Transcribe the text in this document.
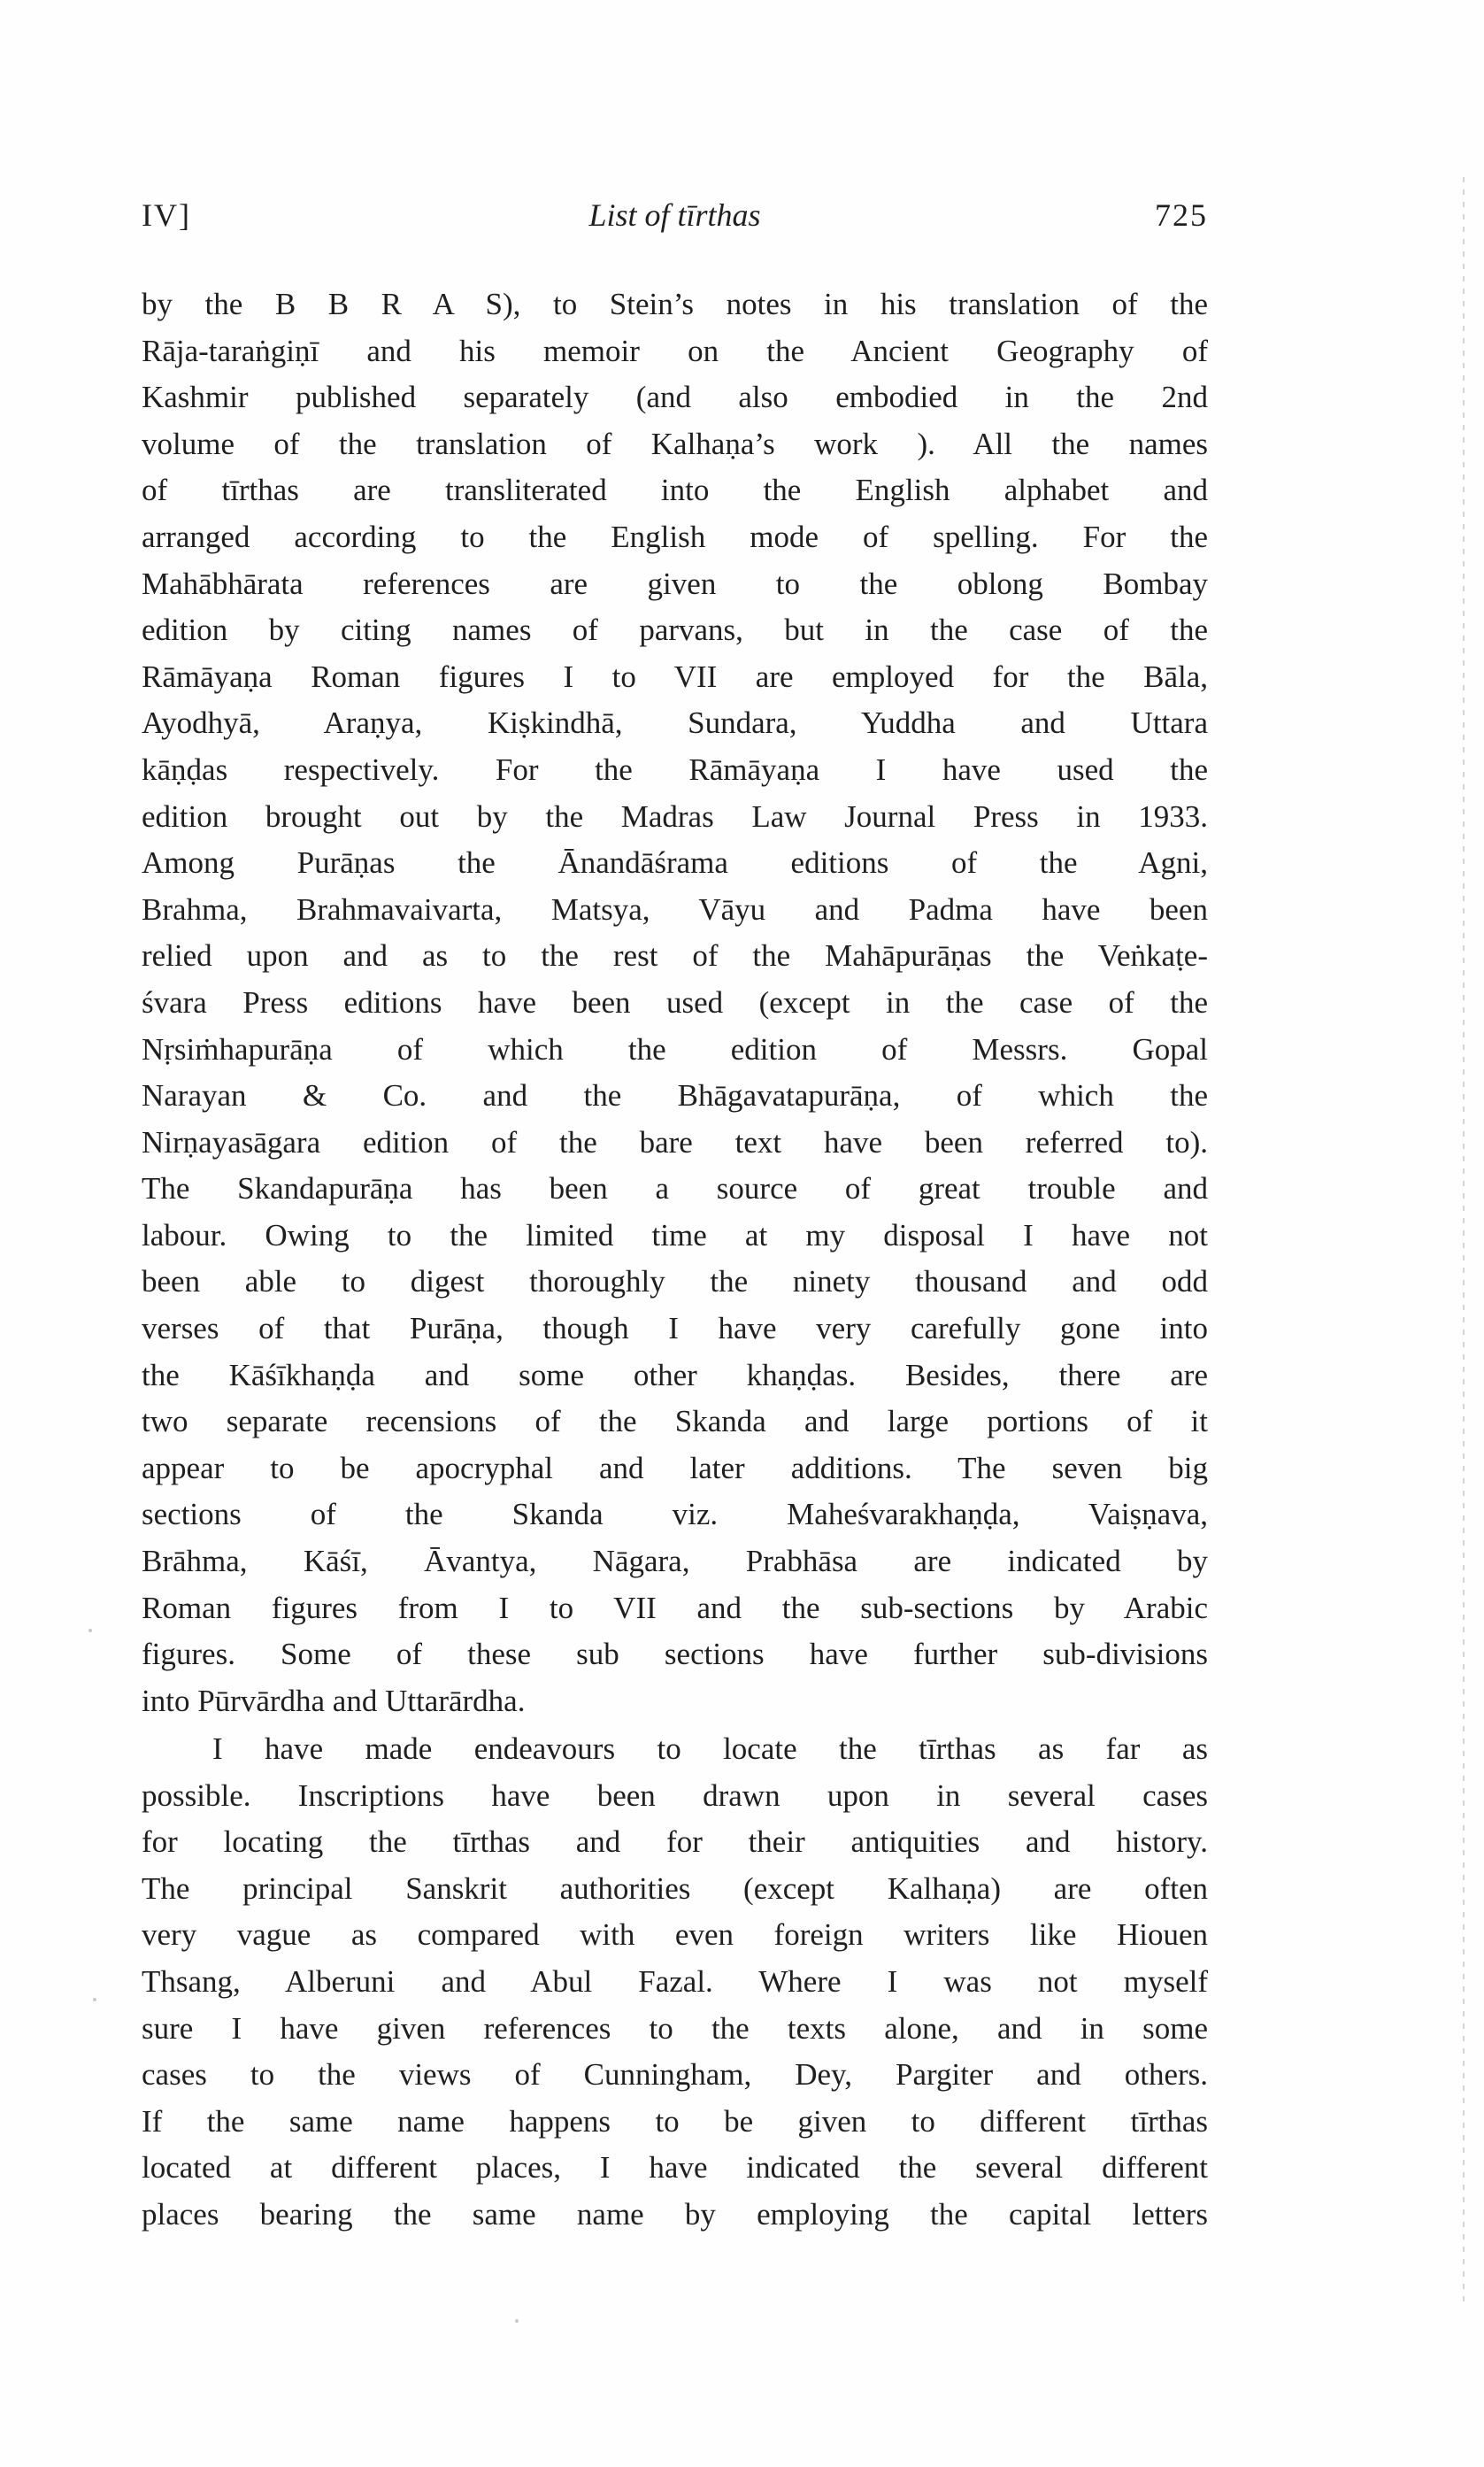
IV]	List of tīrthas	725
by the B B R A S), to Stein’s notes in his translation of the
Rāja-taraṅgiṇī and his memoir on the Ancient Geography of
Kashmir published separately (and also embodied in the 2nd
volume of the translation of Kalhaṇa’s work ). All the names
of tīrthas are transliterated into the English alphabet and
arranged according to the English mode of spelling. For the
Mahābhārata references are given to the oblong Bombay
edition by citing names of parvans, but in the case of the
Rāmāyaṇa Roman figures I to VII are employed for the Bāla,
Ayodhyā, Araṇya, Kiṣkindhā, Sundara, Yuddha and Uttara
kāṇḍas respectively. For the Rāmāyaṇa I have used the
edition brought out by the Madras Law Journal Press in 1933.
Among Purāṇas the Ānandāśrama editions of the Agni,
Brahma, Brahmavaivarta, Matsya, Vāyu and Padma have been
relied upon and as to the rest of the Mahāpurāṇas the Veṅkaṭe-
śvara Press editions have been used (except in the case of the
Nṛsiṁhapurāṇa of which the edition of Messrs. Gopal
Narayan & Co. and the Bhāgavatapurāṇa, of which the
Nirṇayasāgara edition of the bare text have been referred to).
The Skandapurāṇa has been a source of great trouble and
labour. Owing to the limited time at my disposal I have not
been able to digest thoroughly the ninety thousand and odd
verses of that Purāṇa, though I have very carefully gone into
the Kāśīkhaṇḍa and some other khaṇḍas. Besides, there are
two separate recensions of the Skanda and large portions of it
appear to be apocryphal and later additions. The seven big
sections of the Skanda viz. Maheśvarakhaṇḍa, Vaiṣṇava,
Brāhma, Kāśī, Āvantya, Nāgara, Prabhāsa are indicated by
Roman figures from I to VII and the sub-sections by Arabic
figures. Some of these sub sections have further sub-divisions
into Pūrvārdha and Uttarārdha.
I have made endeavours to locate the tīrthas as far as
possible. Inscriptions have been drawn upon in several cases
for locating the tīrthas and for their antiquities and history.
The principal Sanskrit authorities (except Kalhaṇa) are often
very vague as compared with even foreign writers like Hiouen
Thsang, Alberuni and Abul Fazal. Where I was not myself
sure I have given references to the texts alone, and in some
cases to the views of Cunningham, Dey, Pargiter and others.
If the same name happens to be given to different tīrthas
located at different places, I have indicated the several different
places bearing the same name by employing the capital letters
